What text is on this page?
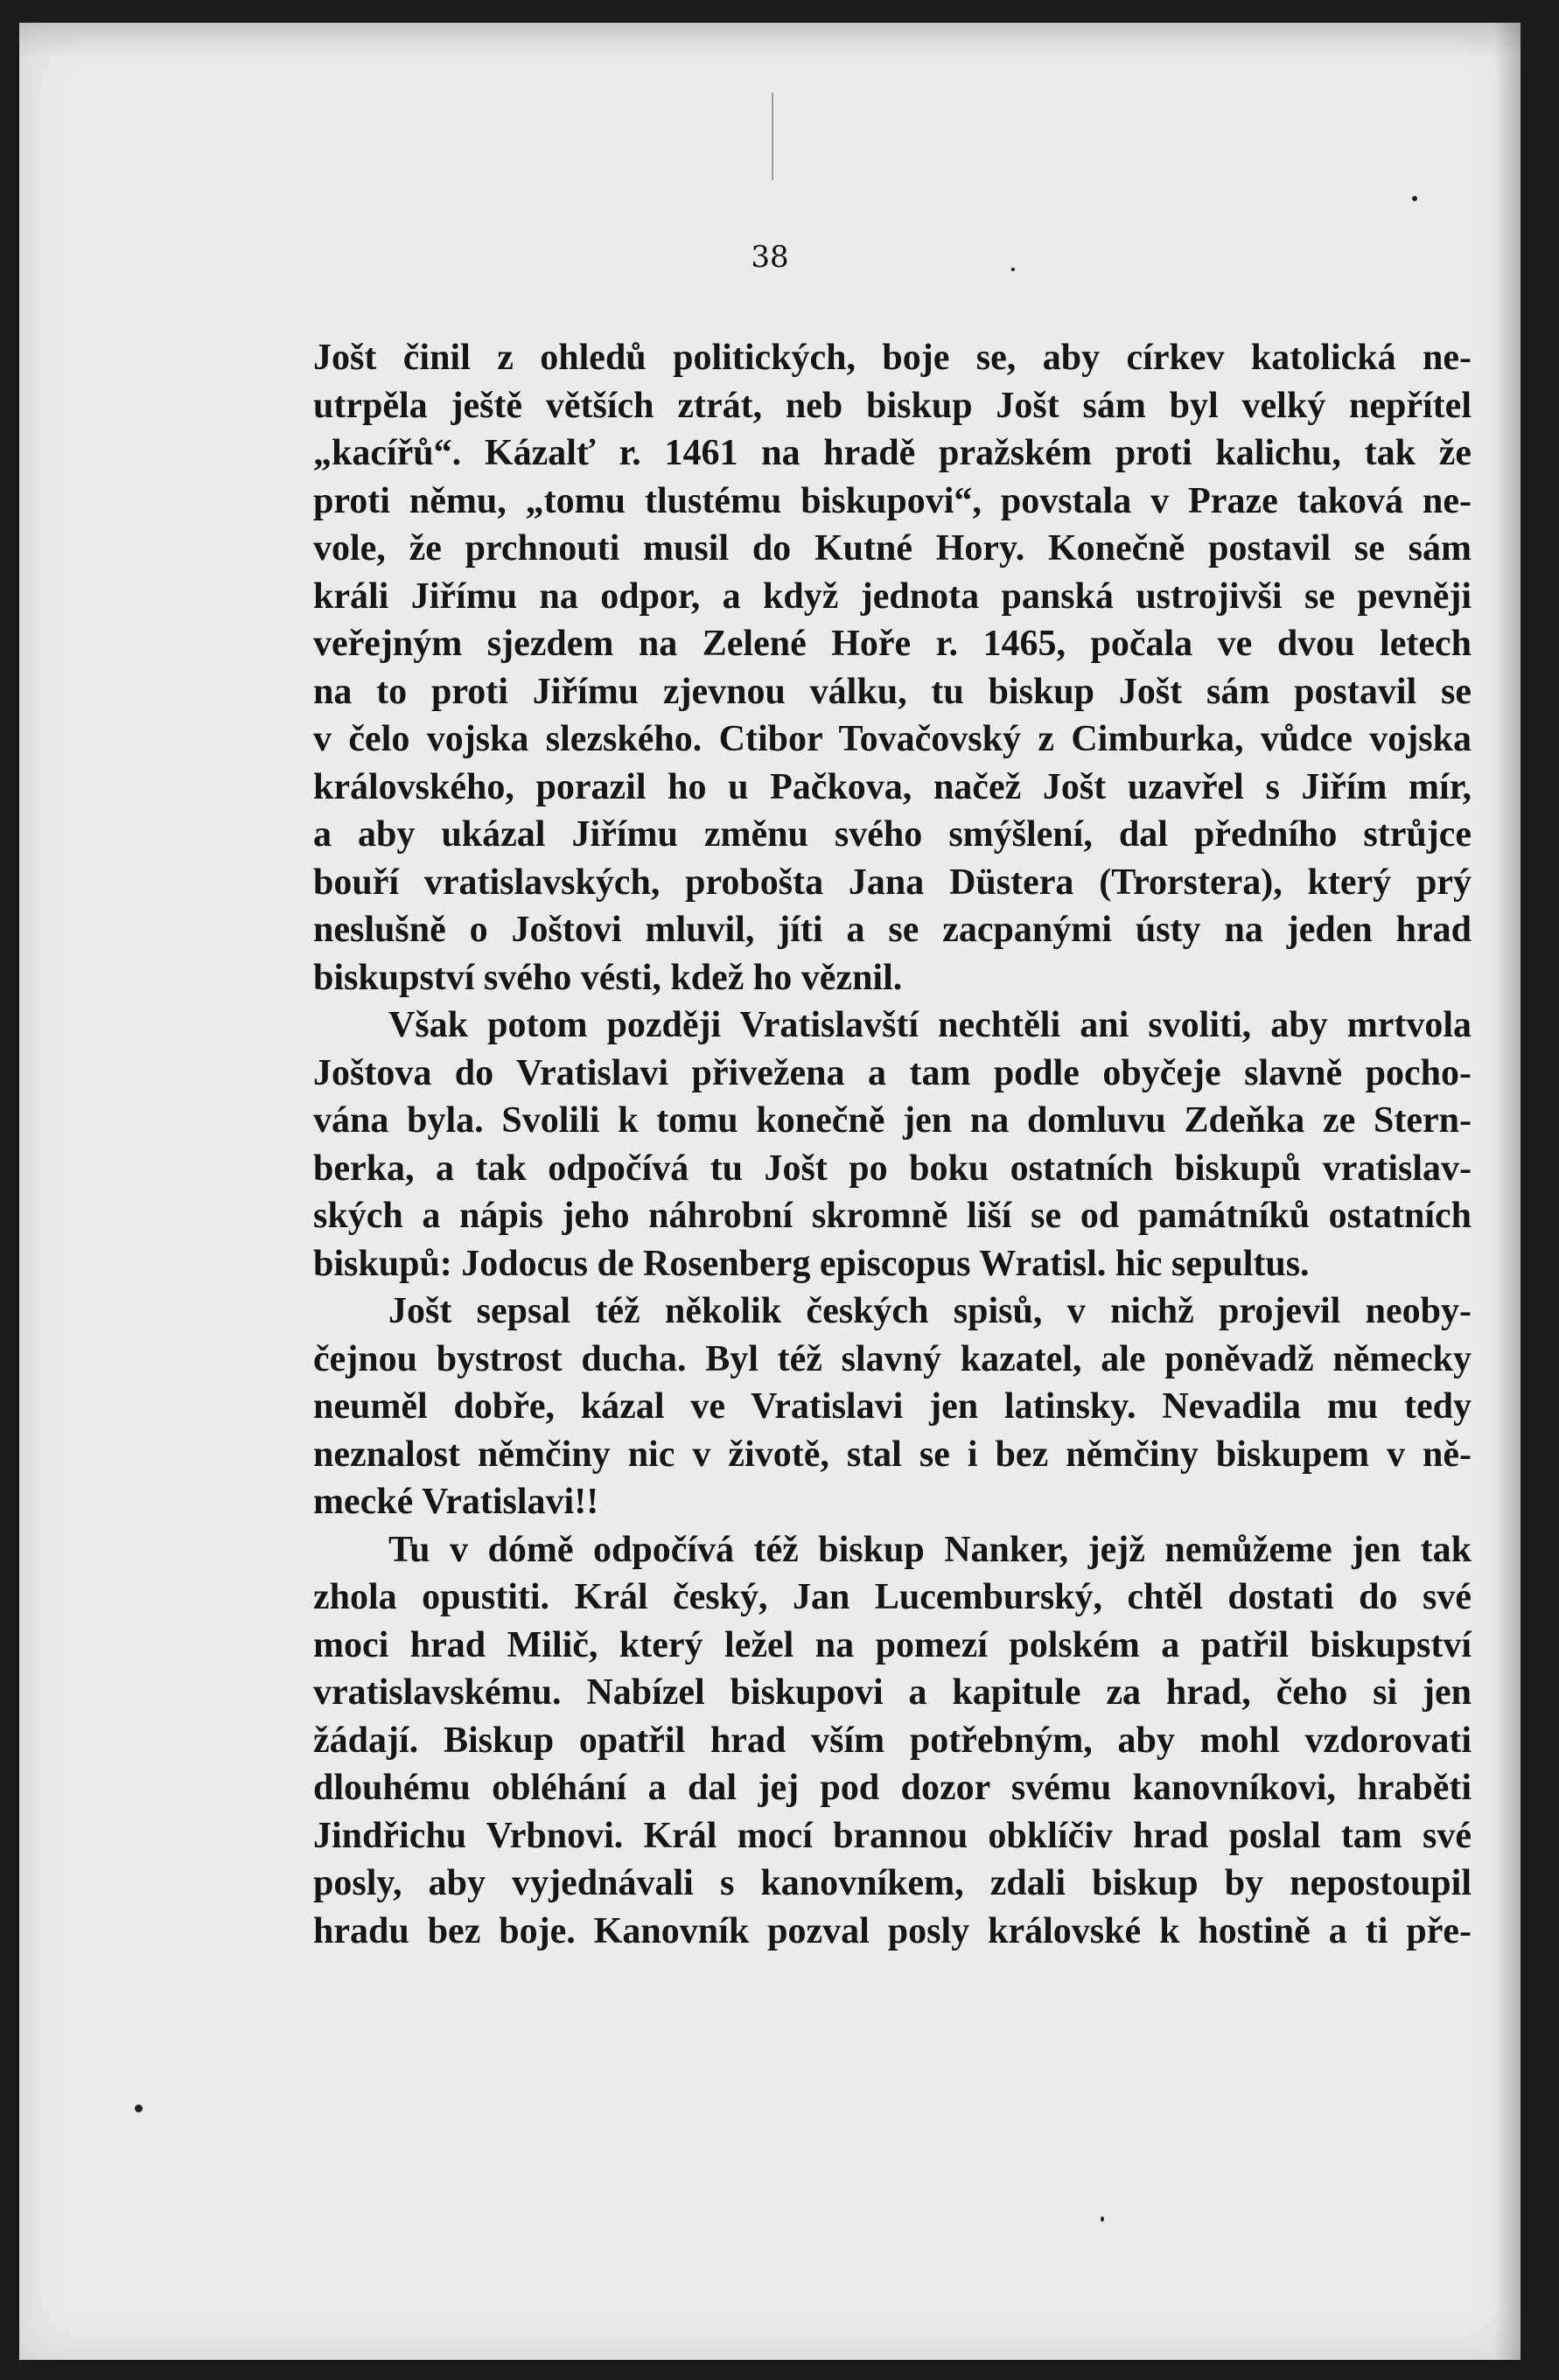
38
Jošt činil z ohledů politických, boje se, aby církev katolická ne-
utrpěla ještě větších ztrát, neb biskup Jošt sám byl velký nepřítel
„kacířů“. Kázalť r. 1461 na hradě pražském proti kalichu, tak že
proti němu, „tomu tlustému biskupovi“, povstala v Praze taková ne-
vole, že prchnouti musil do Kutné Hory. Konečně postavil se sám
králi Jiřímu na odpor, a když jednota panská ustrojivši se pevněji
veřejným sjezdem na Zelené Hoře r. 1465, počala ve dvou letech
na to proti Jiřímu zjevnou válku, tu biskup Jošt sám postavil se
v čelo vojska slezského. Ctibor Tovačovský z Cimburka, vůdce vojska
královského, porazil ho u Pačkova, načež Jošt uzavřel s Jiřím mír,
a aby ukázal Jiřímu změnu svého smýšlení, dal předního strůjce
bouří vratislavských, probošta Jana Düstera (Trorstera), který prý
neslušně o Joštovi mluvil, jíti a se zacpanými ústy na jeden hrad
biskupství svého vésti, kdež ho věznil.
Však potom později Vratislavští nechtěli ani svoliti, aby mrtvola
Joštova do Vratislavi přivežena a tam podle obyčeje slavně pocho-
vána byla. Svolili k tomu konečně jen na domluvu Zdeňka ze Stern-
berka, a tak odpočívá tu Jošt po boku ostatních biskupů vratislav-
ských a nápis jeho náhrobní skromně liší se od památníků ostatních
biskupů: Jodocus de Rosenberg episcopus Wratisl. hic sepultus.
Jošt sepsal též několik českých spisů, v nichž projevil neoby-
čejnou bystrost ducha. Byl též slavný kazatel, ale poněvadž německy
neuměl dobře, kázal ve Vratislavi jen latinsky. Nevadila mu tedy
neznalost němčiny nic v životě, stal se i bez němčiny biskupem v ně-
mecké Vratislavi!!
Tu v dómě odpočívá též biskup Nanker, jejž nemůžeme jen tak
zhola opustiti. Král český, Jan Lucemburský, chtěl dostati do své
moci hrad Milič, který ležel na pomezí polském a patřil biskupství
vratislavskému. Nabízel biskupovi a kapitule za hrad, čeho si jen
žádají. Biskup opatřil hrad vším potřebným, aby mohl vzdorovati
dlouhému obléhání a dal jej pod dozor svému kanovníkovi, hraběti
Jindřichu Vrbnovi. Král mocí brannou obklíčiv hrad poslal tam své
posly, aby vyjednávali s kanovníkem, zdali biskup by nepostoupil
hradu bez boje. Kanovník pozval posly královské k hostině a ti pře-
